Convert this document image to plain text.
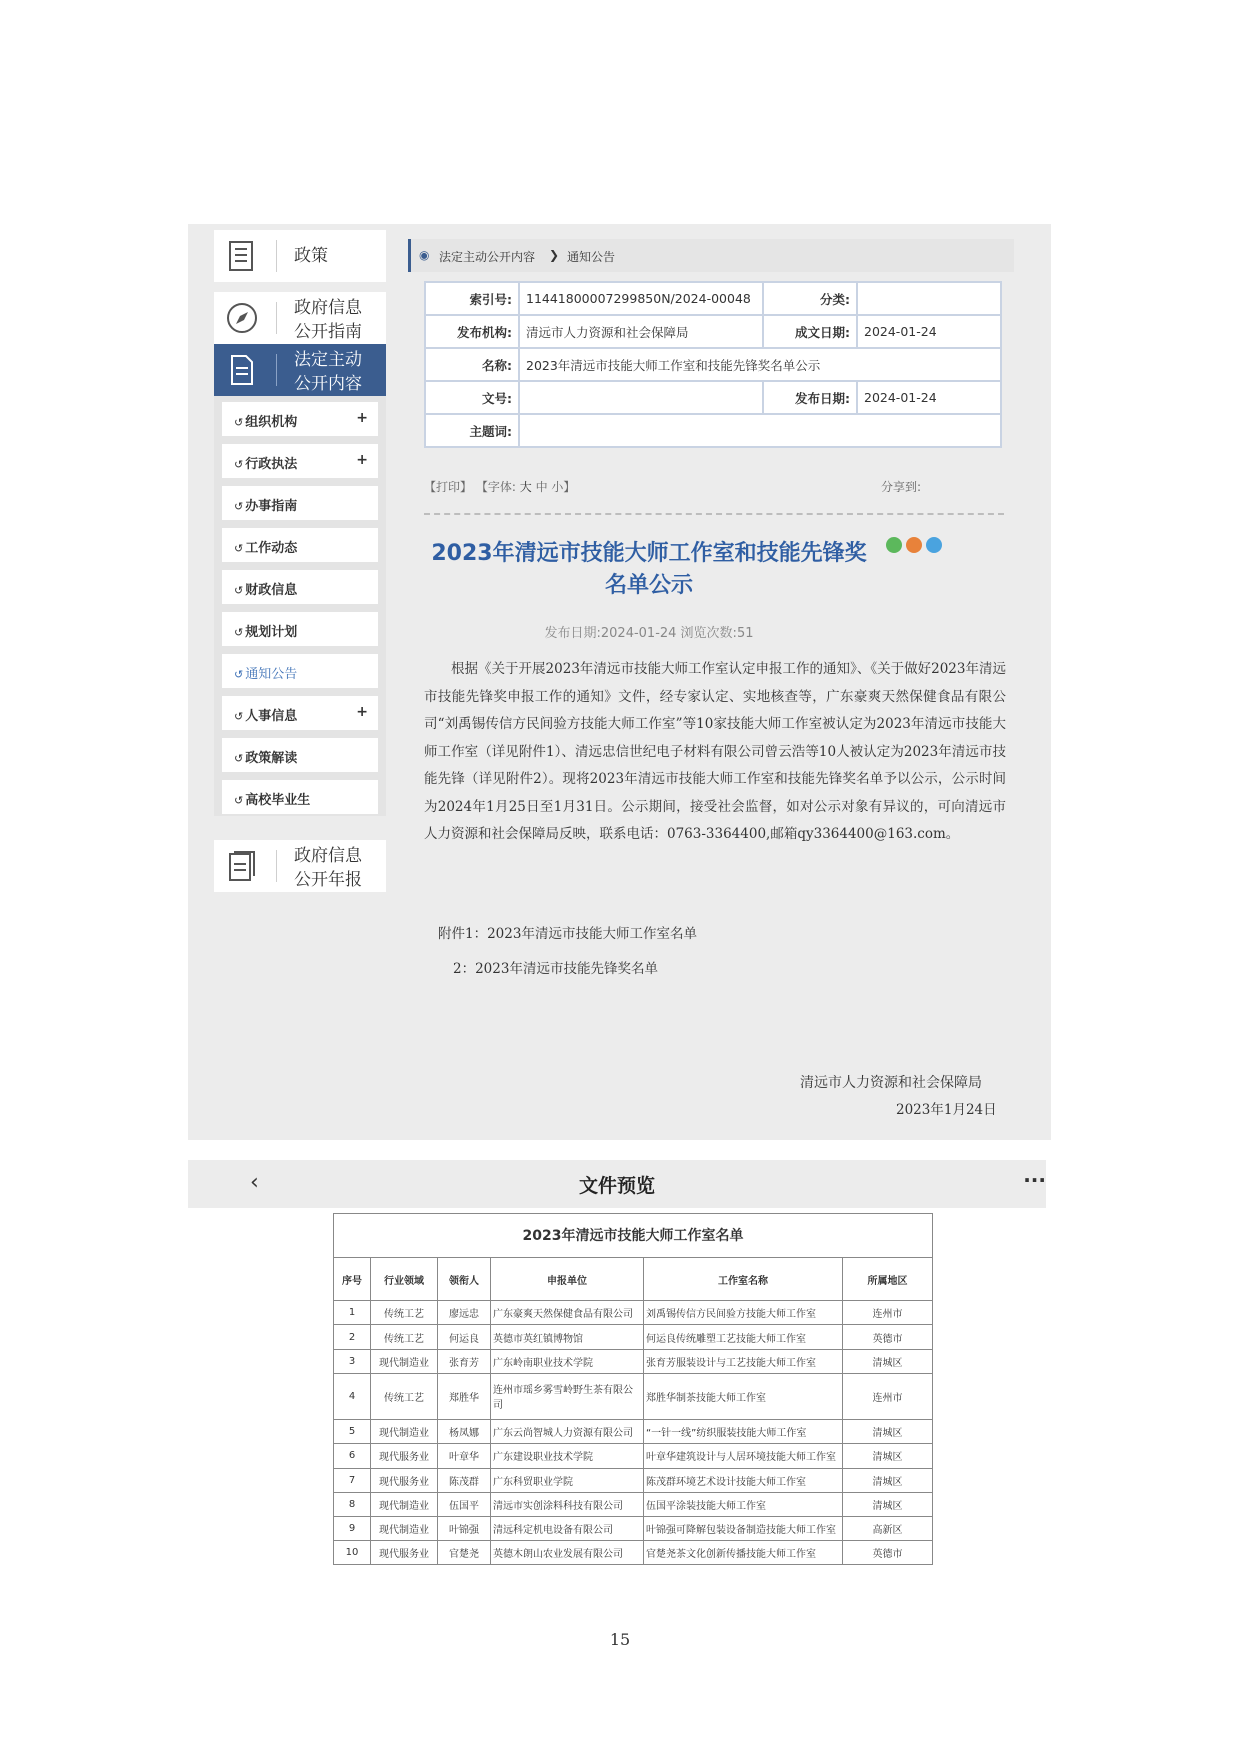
政策
政府信息
公开指南
法定主动
公开内容
↺ 组织机构	+
↺ 行政执法	+
↺ 办事指南
↺ 工作动态
↺ 财政信息
↺ 规划计划
↺ 通知公告
↺ 人事信息	+
↺ 政策解读
↺ 高校毕业生
政府信息
公开年报
◉ 法定主动公开内容 ❯ 通知公告
索引号:	11441800007299850N/2024-00048	分类:	
发布机构:	清远市人力资源和社会保障局	成文日期:	2024-01-24
名称:	2023年清远市技能大师工作室和技能先锋奖名单公示		
文号:		发布日期:	2024-01-24
主题词:			
【打印】 【字体: 大 中 小】	分享到:
2023年清远市技能大师工作室和技能先锋奖
名单公示
发布日期:2024-01-24 浏览次数:51
根据《关于开展2023年清远市技能大师工作室认定申报工作的通知》、《关于做好2023年清远市技能先锋奖申报工作的通知》文件，经专家认定、实地核查等，广东豪爽天然保健食品有限公司“刘禹锡传信方民间验方技能大师工作室”等10家技能大师工作室被认定为2023年清远市技能大师工作室（详见附件1）、清远忠信世纪电子材料有限公司曾云浩等10人被认定为2023年清远市技能先锋（详见附件2）。现将2023年清远市技能大师工作室和技能先锋奖名单予以公示，公示时间为2024年1月25日至1月31日。公示期间，接受社会监督，如对公示对象有异议的，可向清远市人力资源和社会保障局反映，联系电话：0763-3364400,邮箱qy3364400@163.com。
附件1：2023年清远市技能大师工作室名单
2：2023年清远市技能先锋奖名单
清远市人力资源和社会保障局
2023年1月24日
‹	文件预览	···
2023年清远市技能大师工作室名单					
序号	行业领域	领衔人	申报单位	工作室名称	所属地区
1	传统工艺	廖远忠	广东豪爽天然保健食品有限公司	刘禹锡传信方民间验方技能大师工作室	连州市
2	传统工艺	何运良	英德市英红镇博物馆	何运良传统雕塑工艺技能大师工作室	英德市
3	现代制造业	张育芳	广东岭南职业技术学院	张育芳服装设计与工艺技能大师工作室	清城区
4	传统工艺	郑胜华	连州市瑶乡雾雪岭野生茶有限公司	郑胜华制茶技能大师工作室	连州市
5	现代制造业	杨凤娜	广东云尚智城人力资源有限公司	“一针一线”纺织服装技能大师工作室	清城区
6	现代服务业	叶章华	广东建设职业技术学院	叶章华建筑设计与人居环境技能大师工作室	清城区
7	现代服务业	陈茂群	广东科贸职业学院	陈茂群环境艺术设计技能大师工作室	清城区
8	现代制造业	伍国平	清远市实创涂料科技有限公司	伍国平涂装技能大师工作室	清城区
9	现代制造业	叶锦强	清远科定机电设备有限公司	叶锦强可降解包装设备制造技能大师工作室	高新区
10	现代服务业	官楚尧	英德木朗山农业发展有限公司	官楚尧茶文化创新传播技能大师工作室	英德市
15
